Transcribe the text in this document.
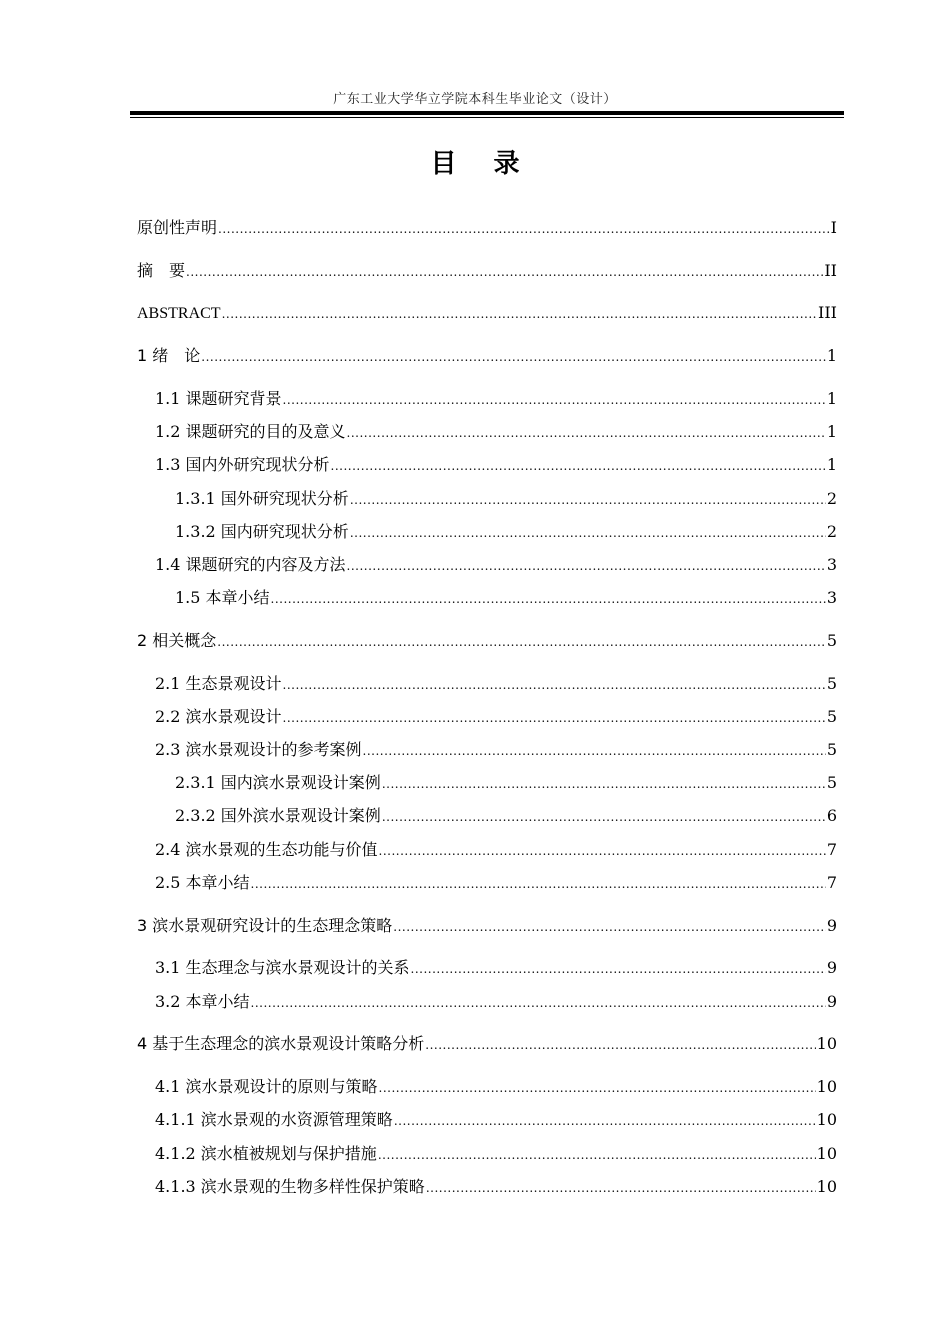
广东工业大学华立学院本科生毕业论文（设计）
目 录
原创性声明 .....	I
摘　要 .....	II
ABSTRACT .....	III
1 绪　论 .....	1
1.1 课题研究背景 .....	1
1.2 课题研究的目的及意义 .....	1
1.3 国内外研究现状分析 .....	1
1.3.1 国外研究现状分析 .....	2
1.3.2 国内研究现状分析 .....	2
1.4 课题研究的内容及方法 .....	3
1.5 本章小结 .....	3
2 相关概念 .....	5
2.1 生态景观设计 .....	5
2.2 滨水景观设计 .....	5
2.3 滨水景观设计的参考案例 .....	5
2.3.1 国内滨水景观设计案例 .....	5
2.3.2 国外滨水景观设计案例 .....	6
2.4 滨水景观的生态功能与价值 .....	7
2.5 本章小结 .....	7
3 滨水景观研究设计的生态理念策略 .....	9
3.1 生态理念与滨水景观设计的关系 .....	9
3.2 本章小结 .....	9
4 基于生态理念的滨水景观设计策略分析 .....	10
4.1 滨水景观设计的原则与策略 .....	10
4.1.1 滨水景观的水资源管理策略 .....	10
4.1.2 滨水植被规划与保护措施 .....	10
4.1.3 滨水景观的生物多样性保护策略 .....	10
